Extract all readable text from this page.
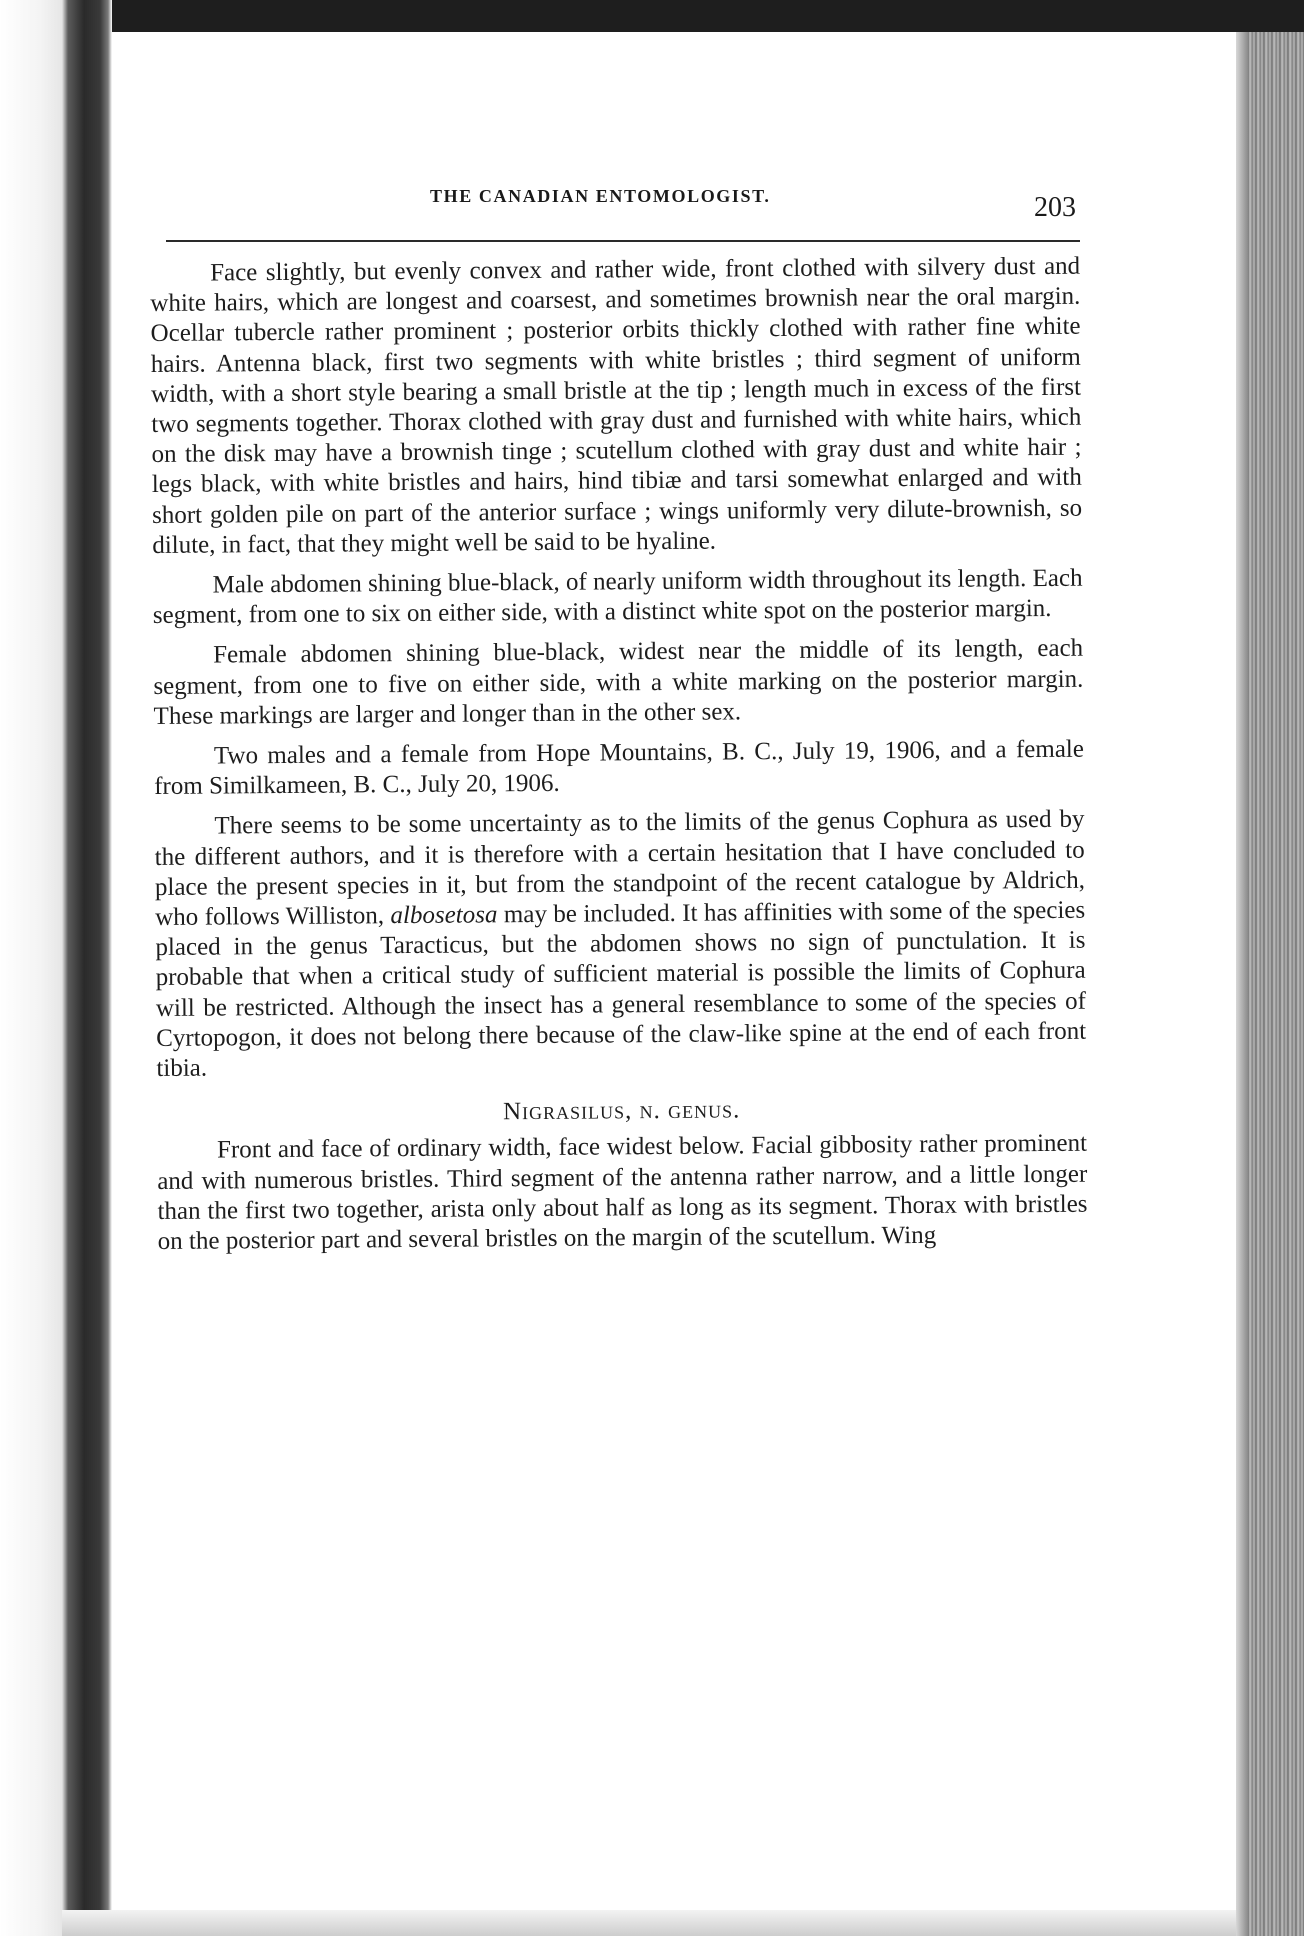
THE CANADIAN ENTOMOLOGIST.	203

Face slightly, but evenly convex and rather wide, front clothed with silvery dust and white hairs, which are longest and coarsest, and sometimes brownish near the oral margin. Ocellar tubercle rather prominent ; posterior orbits thickly clothed with rather fine white hairs. Antenna black, first two segments with white bristles ; third segment of uniform width, with a short style bearing a small bristle at the tip ; length much in excess of the first two segments together. Thorax clothed with gray dust and furnished with white hairs, which on the disk may have a brownish tinge ; scutellum clothed with gray dust and white hair ; legs black, with white bristles and hairs, hind tibiæ and tarsi somewhat enlarged and with short golden pile on part of the anterior surface ; wings uniformly very dilute-brownish, so dilute, in fact, that they might well be said to be hyaline.

Male abdomen shining blue-black, of nearly uniform width throughout its length. Each segment, from one to six on either side, with a distinct white spot on the posterior margin.

Female abdomen shining blue-black, widest near the middle of its length, each segment, from one to five on either side, with a white marking on the posterior margin. These markings are larger and longer than in the other sex.

Two males and a female from Hope Mountains, B. C., July 19, 1906, and a female from Similkameen, B. C., July 20, 1906.

There seems to be some uncertainty as to the limits of the genus Cophura as used by the different authors, and it is therefore with a certain hesitation that I have concluded to place the present species in it, but from the standpoint of the recent catalogue by Aldrich, who follows Williston, albosetosa may be included. It has affinities with some of the species placed in the genus Taracticus, but the abdomen shows no sign of punctulation. It is probable that when a critical study of sufficient material is possible the limits of Cophura will be restricted. Although the insect has a general resemblance to some of the species of Cyrtopogon, it does not belong there because of the claw-like spine at the end of each front tibia.

Nigrasilus, n. genus.

Front and face of ordinary width, face widest below. Facial gibbosity rather prominent and with numerous bristles. Third segment of the antenna rather narrow, and a little longer than the first two together, arista only about half as long as its segment. Thorax with bristles on the posterior part and several bristles on the margin of the scutellum. Wing
